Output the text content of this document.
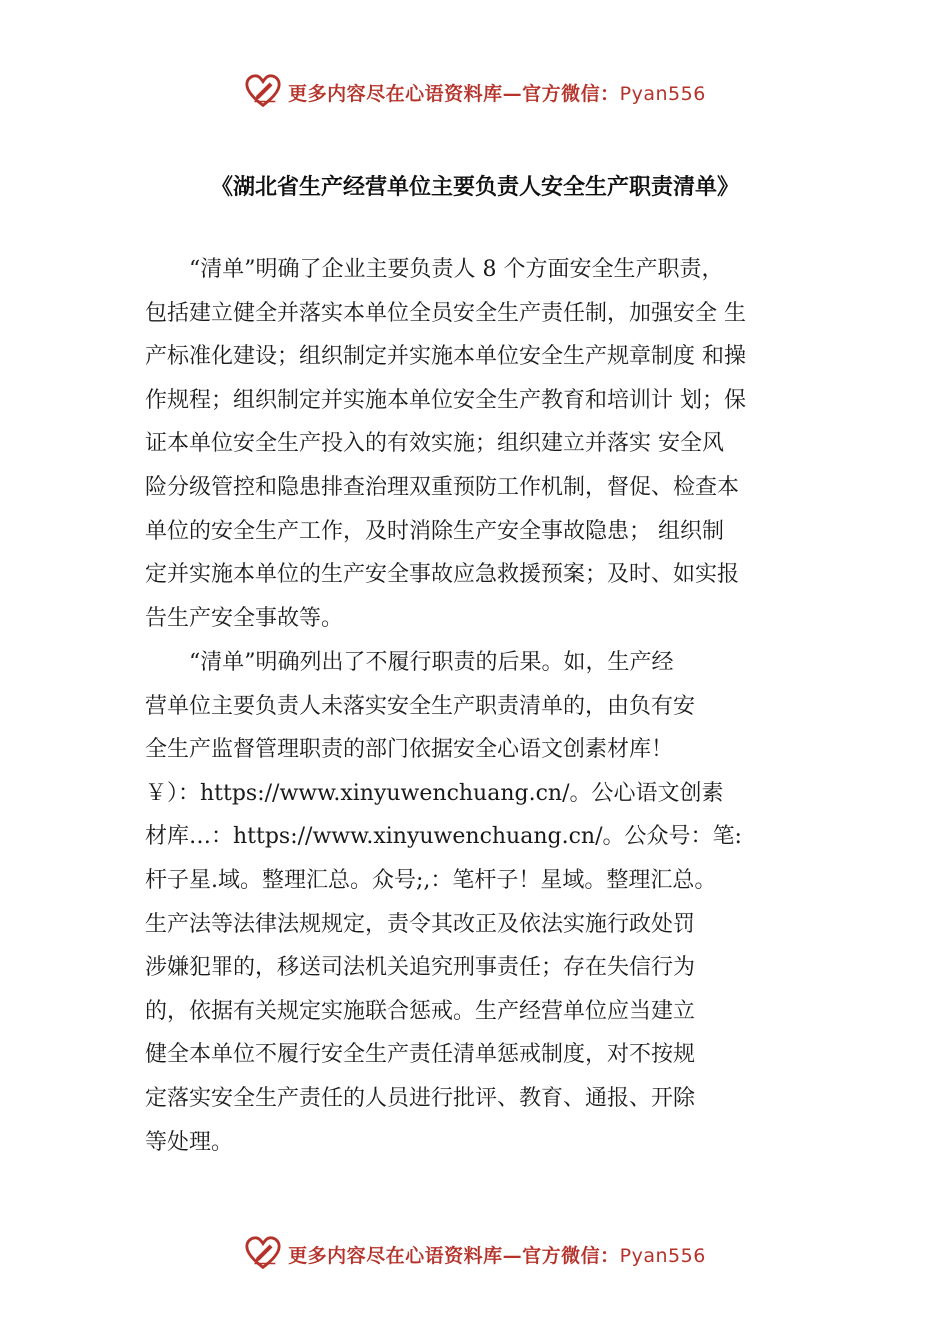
更多内容尽在心语资料库—官方微信：Pyan556
《湖北省生产经营单位主要负责人安全生产职责清单》
“清单”明确了企业主要负责人 8 个方面安全生产职责，
包括建立健全并落实本单位全员安全生产责任制，加强安全 生
产标准化建设；组织制定并实施本单位安全生产规章制度 和操
作规程；组织制定并实施本单位安全生产教育和培训计 划；保
证本单位安全生产投入的有效实施；组织建立并落实 安全风
险分级管控和隐患排查治理双重预防工作机制，督促、检查本
单位的安全生产工作，及时消除生产安全事故隐患； 组织制
定并实施本单位的生产安全事故应急救援预案；及时、如实报
告生产安全事故等。
“清单”明确列出了不履行职责的后果。如，生产经
营单位主要负责人未落实安全生产职责清单的，由负有安
全生产监督管理职责的部门依据安全心语文创素材库！
￥）：https://www.xinyuwenchuang.cn/。公心语文创素
材库…：https://www.xinyuwenchuang.cn/。公众号：笔:
杆子星.域。整理汇总。众号;,：笔杆子！星域。整理汇总。
生产法等法律法规规定，责令其改正及依法实施行政处罚
涉嫌犯罪的，移送司法机关追究刑事责任；存在失信行为
的，依据有关规定实施联合惩戒。生产经营单位应当建立
健全本单位不履行安全生产责任清单惩戒制度，对不按规
定落实安全生产责任的人员进行批评、教育、通报、开除
等处理。
更多内容尽在心语资料库—官方微信：Pyan556
